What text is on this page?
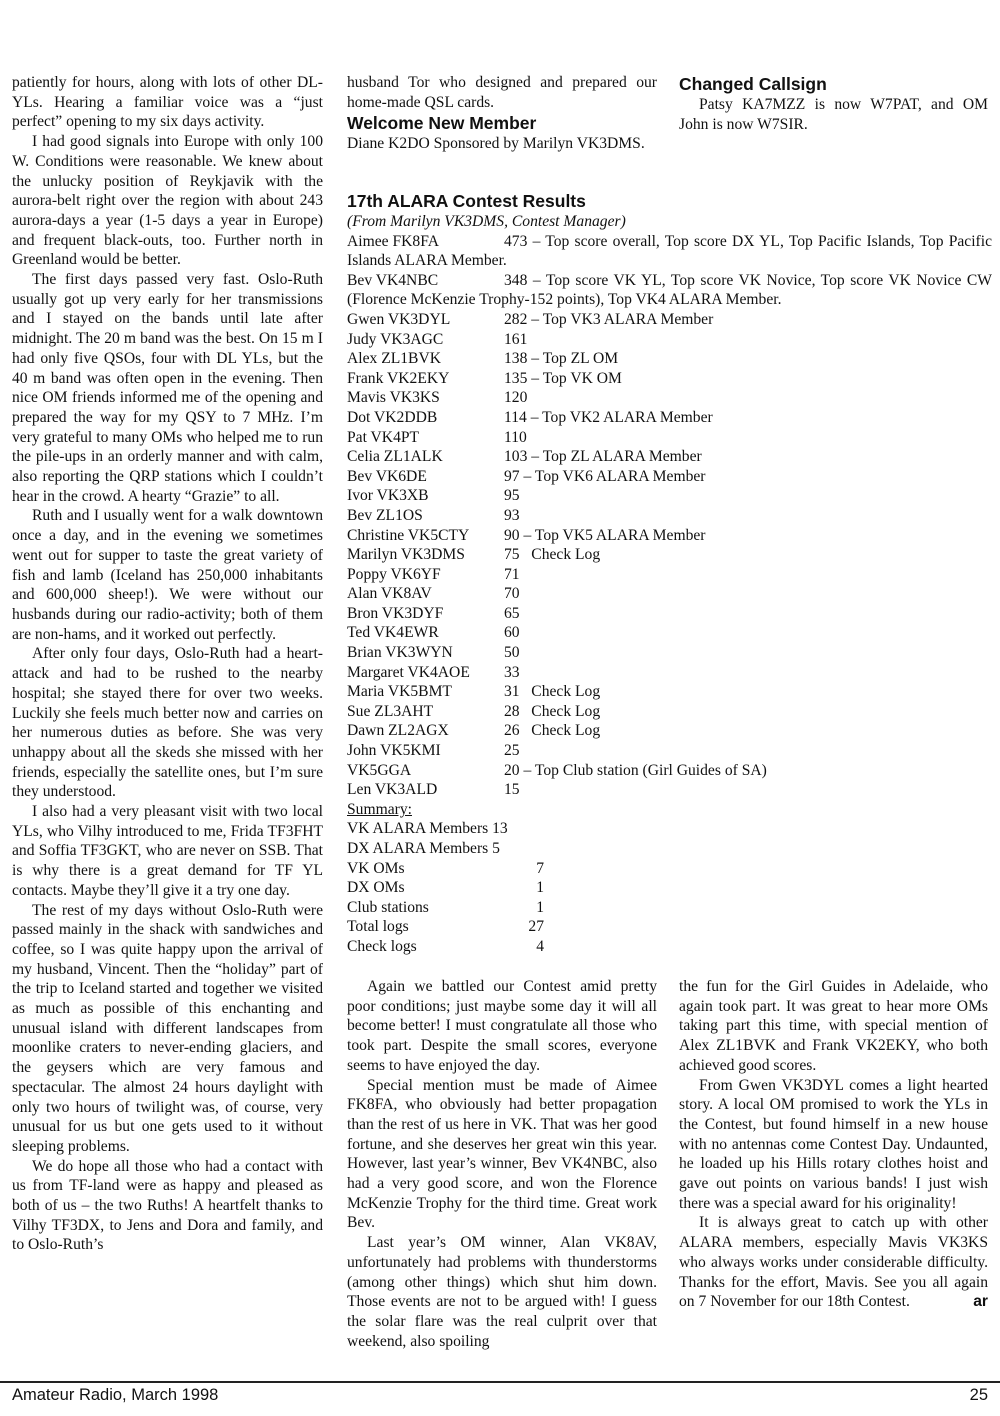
patiently for hours, along with lots of other DL-YLs. Hearing a familiar voice was a “just perfect” opening to my six days activity.

I had good signals into Europe with only 100 W. Conditions were reasonable. We knew about the unlucky position of Reykjavik with the aurora-belt right over the region with about 243 aurora-days a year (1-5 days a year in Europe) and frequent black-outs, too. Further north in Greenland would be better.

The first days passed very fast. Oslo-Ruth usually got up very early for her transmissions and I stayed on the bands until late after midnight. The 20 m band was the best. On 15 m I had only five QSOs, four with DL YLs, but the 40 m band was often open in the evening. Then nice OM friends informed me of the opening and prepared the way for my QSY to 7 MHz. I’m very grateful to many OMs who helped me to run the pile-ups in an orderly manner and with calm, also reporting the QRP stations which I couldn’t hear in the crowd. A hearty “Grazie” to all.

Ruth and I usually went for a walk downtown once a day, and in the evening we sometimes went out for supper to taste the great variety of fish and lamb (Iceland has 250,000 inhabitants and 600,000 sheep!). We were without our husbands during our radio-activity; both of them are non-hams, and it worked out perfectly.

After only four days, Oslo-Ruth had a heart-attack and had to be rushed to the nearby hospital; she stayed there for over two weeks. Luckily she feels much better now and carries on her numerous duties as before. She was very unhappy about all the skeds she missed with her friends, especially the satellite ones, but I’m sure they understood.

I also had a very pleasant visit with two local YLs, who Vilhy introduced to me, Frida TF3FHT and Soffia TF3GKT, who are never on SSB. That is why there is a great demand for TF YL contacts. Maybe they’ll give it a try one day.

The rest of my days without Oslo-Ruth were passed mainly in the shack with sandwiches and coffee, so I was quite happy upon the arrival of my husband, Vincent. Then the “holiday” part of the trip to Iceland started and together we visited as much as possible of this enchanting and unusual island with different landscapes from moonlike craters to never-ending glaciers, and the geysers which are very famous and spectacular. The almost 24 hours daylight with only two hours of twilight was, of course, very unusual for us but one gets used to it without sleeping problems.

We do hope all those who had a contact with us from TF-land were as happy and pleased as both of us – the two Ruths! A heartfelt thanks to Vilhy TF3DX, to Jens and Dora and family, and to Oslo-Ruth’s

husband Tor who designed and prepared our home-made QSL cards.

Welcome New Member

Diane K2DO Sponsored by Marilyn VK3DMS.

Changed Callsign

Patsy KA7MZZ is now W7PAT, and OM John is now W7SIR.

17th ALARA Contest Results

(From Marilyn VK3DMS, Contest Manager)

Aimee FK8FA	473 – Top score overall, Top score DX YL, Top Pacific Islands, Top Pacific Islands ALARA Member.

Bev VK4NBC	348 – Top score VK YL, Top score VK Novice, Top score VK Novice CW (Florence McKenzie Trophy-152 points), Top VK4 ALARA Member.

Gwen VK3DYL	282 – Top VK3 ALARA Member
Judy VK3AGC	161
Alex ZL1BVK	138 – Top ZL OM
Frank VK2EKY	135 – Top VK OM
Mavis VK3KS	120
Dot VK2DDB	114 – Top VK2 ALARA Member
Pat VK4PT	110
Celia ZL1ALK	103 – Top ZL ALARA Member
Bev VK6DE	97 – Top VK6 ALARA Member
Ivor VK3XB	95
Bev ZL1OS	93
Christine VK5CTY	90 – Top VK5 ALARA Member
Marilyn VK3DMS	75 Check Log
Poppy VK6YF	71
Alan VK8AV	70
Bron VK3DYF	65
Ted VK4EWR	60
Brian VK3WYN	50
Margaret VK4AOE	33
Maria VK5BMT	31 Check Log
Sue ZL3AHT	28 Check Log
Dawn ZL2AGX	26 Check Log
John VK5KMI	25
VK5GGA	20 – Top Club station (Girl Guides of SA)
Len VK3ALD	15

Summary:

VK ALARA Members 13
DX ALARA Members 5
VK OMs	7
DX OMs	1
Club stations	1
Total logs	27
Check logs	4

Again we battled our Contest amid pretty poor conditions; just maybe some day it will all become better! I must congratulate all those who took part. Despite the small scores, everyone seems to have enjoyed the day.

Special mention must be made of Aimee FK8FA, who obviously had better propagation than the rest of us here in VK. That was her good fortune, and she deserves her great win this year. However, last year’s winner, Bev VK4NBC, also had a very good score, and won the Florence McKenzie Trophy for the third time. Great work Bev.

Last year’s OM winner, Alan VK8AV, unfortunately had problems with thunderstorms (among other things) which shut him down. Those events are not to be argued with! I guess the solar flare was the real culprit over that weekend, also spoiling

the fun for the Girl Guides in Adelaide, who again took part. It was great to hear more OMs taking part this time, with special mention of Alex ZL1BVK and Frank VK2EKY, who both achieved good scores.

From Gwen VK3DYL comes a light hearted story. A local OM promised to work the YLs in the Contest, but found himself in a new house with no antennas come Contest Day. Undaunted, he loaded up his Hills rotary clothes hoist and gave out points on various bands! I just wish there was a special award for his originality!

It is always great to catch up with other ALARA members, especially Mavis VK3KS who always works under considerable difficulty. Thanks for the effort, Mavis. See you all again on 7 November for our 18th Contest.	ar

Amateur Radio, March 1998	25
